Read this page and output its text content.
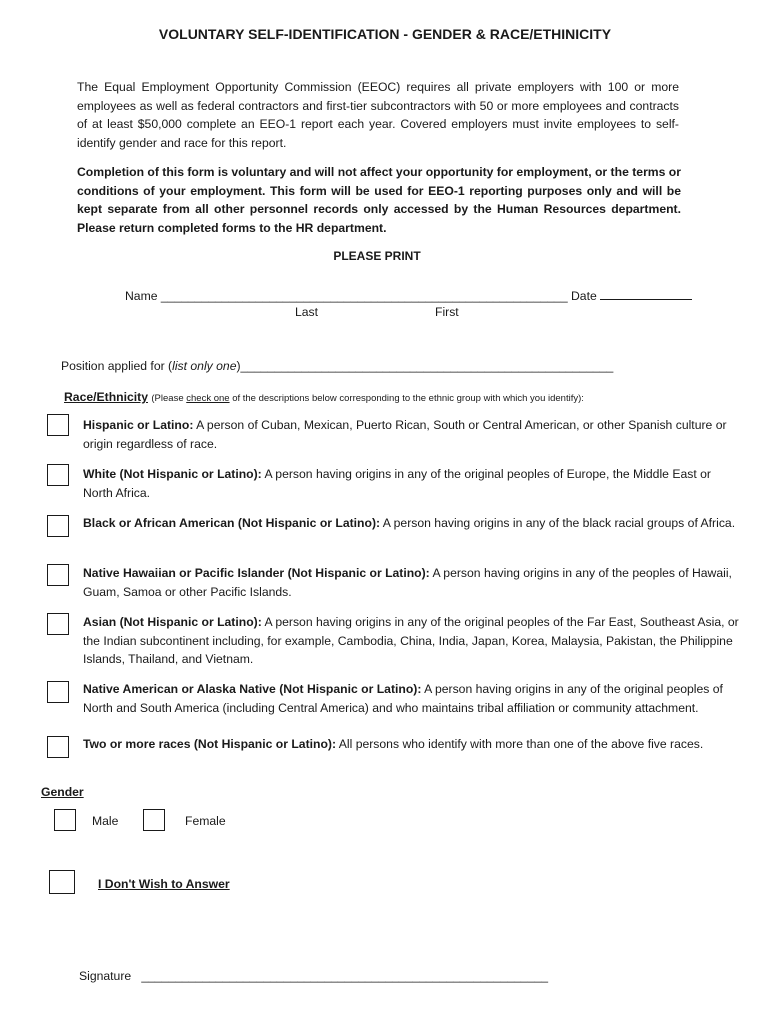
VOLUNTARY SELF-IDENTIFICATION - GENDER & RACE/ETHINICITY
The Equal Employment Opportunity Commission (EEOC) requires all private employers with 100 or more employees as well as federal contractors and first-tier subcontractors with 50 or more employees and contracts of at least $50,000 complete an EEO-1 report each year. Covered employers must invite employees to self-identify gender and race for this report.
Completion of this form is voluntary and will not affect your opportunity for employment, or the terms or conditions of your employment. This form will be used for EEO-1 reporting purposes only and will be kept separate from all other personnel records only accessed by the Human Resources department. Please return completed forms to the HR department.
PLEASE PRINT
Name ____________________________________________________________ Date
Last	First
Position applied for (list only one)_______________________________________________________
Race/Ethnicity (Please check one of the descriptions below corresponding to the ethnic group with which you identify):
Hispanic or Latino: A person of Cuban, Mexican, Puerto Rican, South or Central American, or other Spanish culture or origin regardless of race.
White (Not Hispanic or Latino): A person having origins in any of the original peoples of Europe, the Middle East or North Africa.
Black or African American (Not Hispanic or Latino): A person having origins in any of the black racial groups of Africa.
Native Hawaiian or Pacific Islander (Not Hispanic or Latino): A person having origins in any of the peoples of Hawaii, Guam, Samoa or other Pacific Islands.
Asian (Not Hispanic or Latino): A person having origins in any of the original peoples of the Far East, Southeast Asia, or the Indian subcontinent including, for example, Cambodia, China, India, Japan, Korea, Malaysia, Pakistan, the Philippine Islands, Thailand, and Vietnam.
Native American or Alaska Native (Not Hispanic or Latino): A person having origins in any of the original peoples of North and South America (including Central America) and who maintains tribal affiliation or community attachment.
Two or more races (Not Hispanic or Latino): All persons who identify with more than one of the above five races.
Gender
Male	Female
I Don't Wish to Answer
Signature ____________________________________________________________
